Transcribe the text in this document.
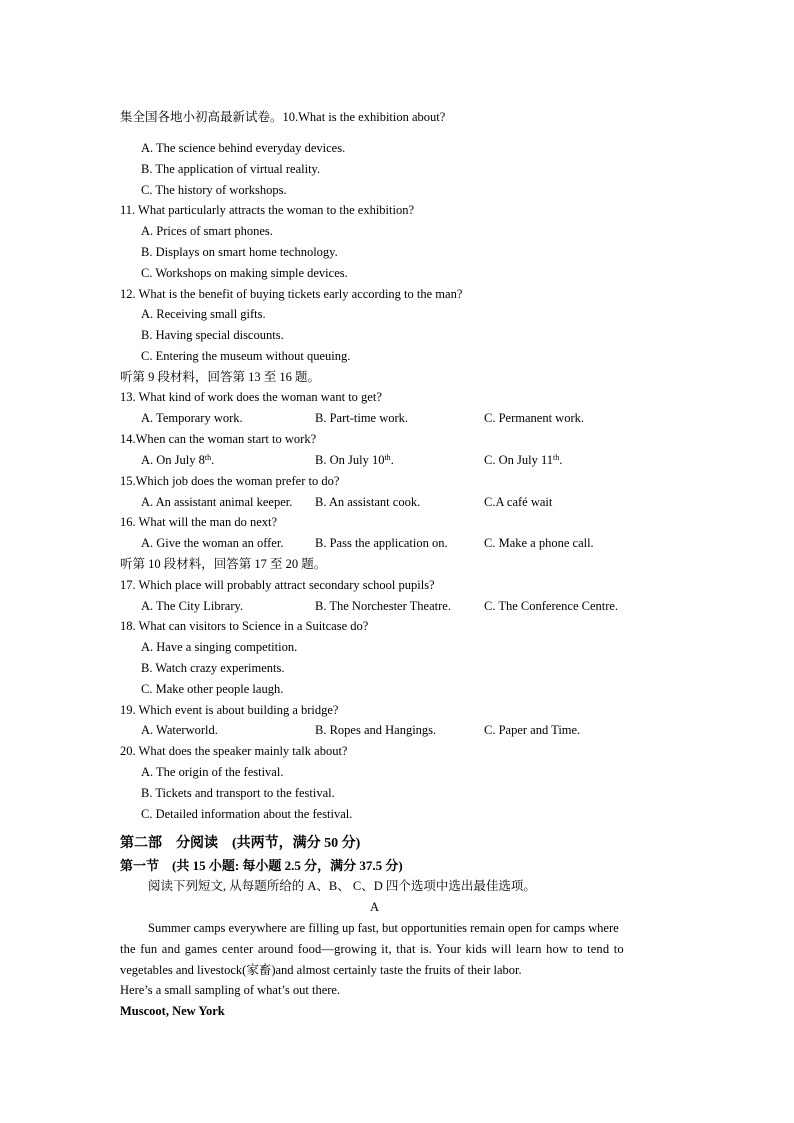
集全国各地小初高最新试卷。10.What is the exhibition about?
A. The science behind everyday devices.
B. The application of virtual reality.
C. The history of workshops.
11. What particularly attracts the woman to the exhibition?
A. Prices of smart phones.
B. Displays on smart home technology.
C. Workshops on making simple devices.
12. What is the benefit of buying tickets early according to the man?
A. Receiving small gifts.
B. Having special discounts.
C. Entering the museum without queuing.
听第 9 段材料，回答第 13 至 16 题。
13. What kind of work does the woman want to get?
A. Temporary work.	B. Part-time work.	C. Permanent work.
14.When can the woman start to work?
A. On July 8th.	B. On July 10th.	C. On July 11th.
15.Which job does the woman prefer to do?
A. An assistant animal keeper. B. An assistant cook.	C.A café wait
16. What will the man do next?
A. Give the woman an offer.	B. Pass the application on.	C. Make a phone call.
听第 10 段材料，回答第 17 至 20 题。
17. Which place will probably attract secondary school pupils?
A. The City Library.	B. The Norchester Theatre.	C. The Conference Centre.
18. What can visitors to Science in a Suitcase do?
A. Have a singing competition.
B. Watch crazy experiments.
C. Make other people laugh.
19. Which event is about building a bridge?
A. Waterworld.	B. Ropes and Hangings.	C. Paper and Time.
20. What does the speaker mainly talk about?
A. The origin of the festival.
B. Tickets and transport to the festival.
C. Detailed information about the festival.
第二部　分阅读　(共两节，满分 50 分)
第一节　(共 15 小题: 每小题 2.5 分，满分 37.5 分)
阅读下列短文, 从每题所给的 A、B、 C、D 四个选项中选出最佳选项。
A
Summer camps everywhere are filling up fast, but opportunities remain open for camps where
the fun and games center around food—growing it, that is. Your kids will learn how to tend to
vegetables and livestock(家畜)and almost certainly taste the fruits of their labor.
Here’s a small sampling of what’s out there.
Muscoot, New York
